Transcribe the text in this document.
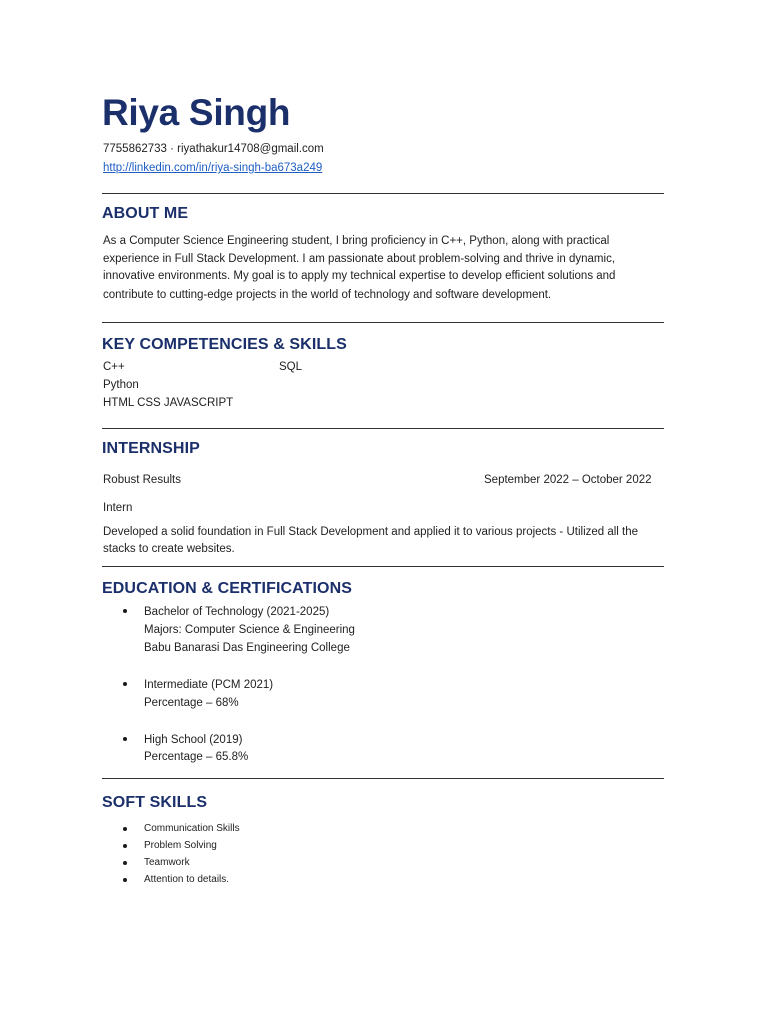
Riya Singh
7755862733 · riyathakur14708@gmail.com
http://linkedin.com/in/riya-singh-ba673a249
ABOUT ME
As a Computer Science Engineering student, I bring proficiency in C++, Python, along with practical
experience in Full Stack Development. I am passionate about problem-solving and thrive in dynamic,
innovative environments. My goal is to apply my technical expertise to develop efficient solutions and
contribute to cutting-edge projects in the world of technology and software development.
KEY COMPETENCIES & SKILLS
C++	SQL
Python
HTML CSS JAVASCRIPT
INTERNSHIP
Robust Results	September 2022 – October 2022
Intern
Developed a solid foundation in Full Stack Development and applied it to various projects - Utilized all the
stacks to create websites.
EDUCATION & CERTIFICATIONS
Bachelor of Technology (2021-2025)
Majors: Computer Science & Engineering
Babu Banarasi Das Engineering College
Intermediate (PCM 2021)
Percentage – 68%
High School (2019)
Percentage – 65.8%
SOFT SKILLS
Communication Skills
Problem Solving
Teamwork
Attention to details.
